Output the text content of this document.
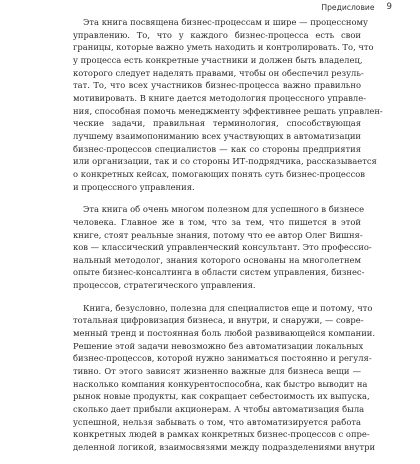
Предисловие 9
Эта книга посвящена бизнес-процессам и шире — процессному
управлению. То, что у каждого бизнес-процесса есть свои
границы, которые важно уметь находить и контролировать. То, что
у процесса есть конкретные участники и должен быть владелец,
которого следует наделять правами, чтобы он обеспечил резуль-
тат. То, что всех участников бизнес-процесса важно правильно
мотивировать. В книге дается методология процессного управле-
ния, способная помочь менеджменту эффективнее решать управлен-
ческие задачи, правильная терминология, способствующая
лучшему взаимопониманию всех участвующих в автоматизации
бизнес-процессов специалистов — как со стороны предприятия
или организации, так и со стороны ИТ-подрядчика, рассказывается
о конкретных кейсах, помогающих понять суть бизнес-процессов
и процессного управления.
Эта книга об очень многом полезном для успешного в бизнесе
человека. Главное же в том, что за тем, что пишется в этой
книге, стоят реальные знания, потому что ее автор Олег Вишня-
ков — классический управленческий консультант. Это профессио-
нальный методолог, знания которого основаны на многолетнем
опыте бизнес-консалтинга в области систем управления, бизнес-
процессов, стратегического управления.
Книга, безусловно, полезна для специалистов еще и потому, что
тотальная цифровизация бизнеса, и внутри, и снаружи, — совре-
менный тренд и постоянная боль любой развивающейся компании.
Решение этой задачи невозможно без автоматизации локальных
бизнес-процессов, которой нужно заниматься постоянно и регуля-
тивно. От этого зависят жизненно важные для бизнеса вещи —
насколько компания конкурентоспособна, как быстро выводит на
рынок новые продукты, как сокращает себестоимость их выпуска,
сколько дает прибыли акционерам. А чтобы автоматизация была
успешной, нельзя забывать о том, что автоматизируется работа
конкретных людей в рамках конкретных бизнес-процессов с опре-
деленной логикой, взаимосвязями между подразделениями внутри
